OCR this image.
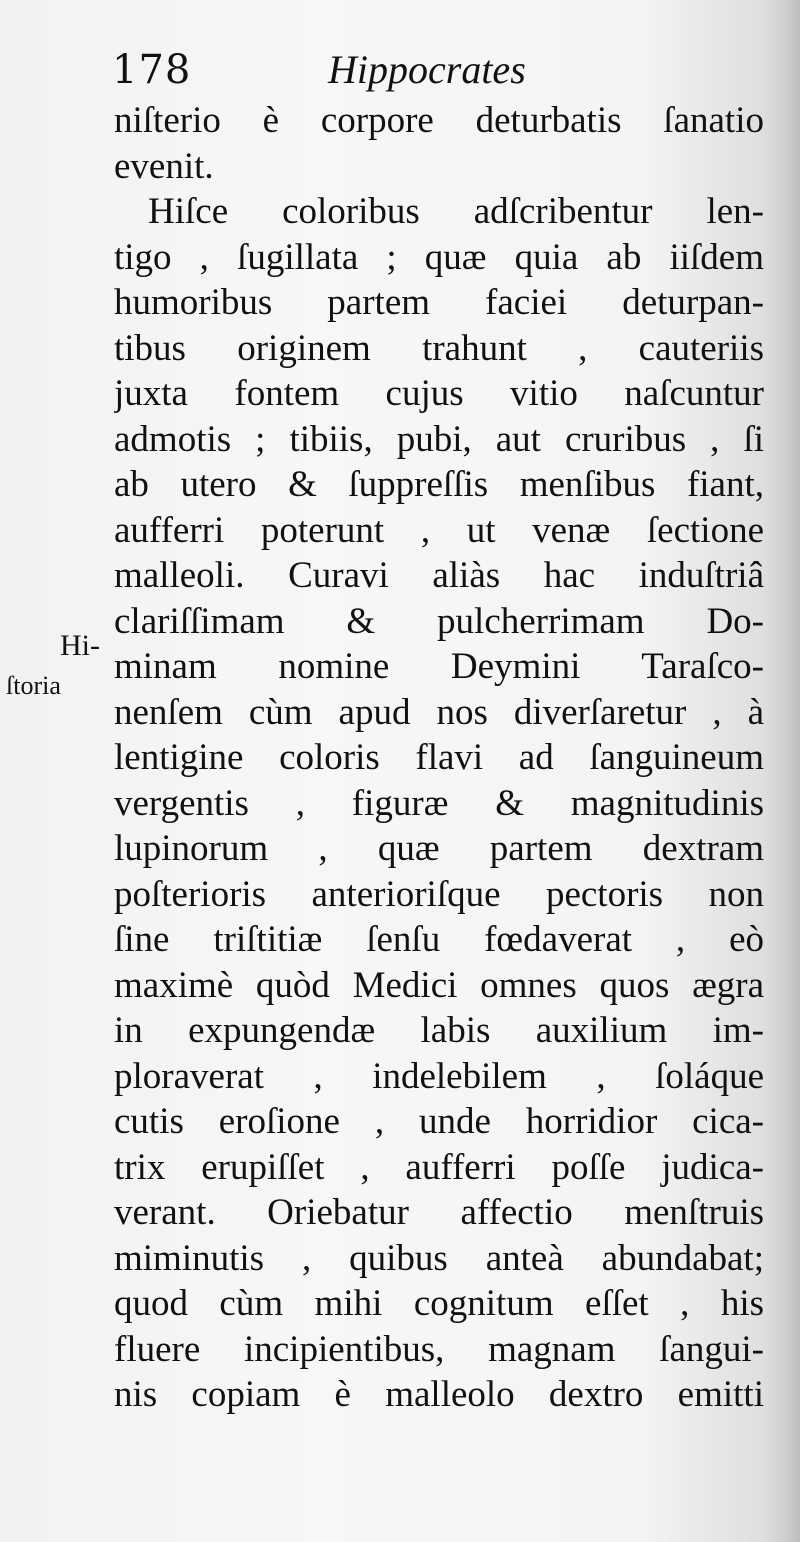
178	Hippocrates
Hi-
ſtoria
niſterio è corpore deturbatis ſanatio
evenit.
Hiſce coloribus adſcribentur len-
tigo , ſugillata ; quæ quia ab iiſdem
humoribus partem faciei deturpan-
tibus originem trahunt , cauteriis
juxta fontem cujus vitio naſcuntur
admotis ; tibiis, pubi, aut cruribus , ſi
ab utero & ſuppreſſis menſibus fiant,
aufferri poterunt , ut venæ ſectione
malleoli. Curavi aliàs hac induſtriâ
clariſſimam & pulcherrimam Do-
minam nomine Deymini Taraſco-
nenſem cùm apud nos diverſaretur , à
lentigine coloris flavi ad ſanguineum
vergentis , figuræ & magnitudinis
lupinorum , quæ partem dextram
poſterioris anterioriſque pectoris non
ſine triſtitiæ ſenſu fœdaverat , eò
maximè quòd Medici omnes quos ægra
in expungendæ labis auxilium im-
ploraverat , indelebilem , ſoláque
cutis eroſione , unde horridior cica-
trix erupiſſet , aufferri poſſe judica-
verant. Oriebatur affectio menſtruis
miminutis , quibus anteà abundabat;
quod cùm mihi cognitum eſſet , his
fluere incipientibus, magnam ſangui-
nis copiam è malleolo dextro emitti
